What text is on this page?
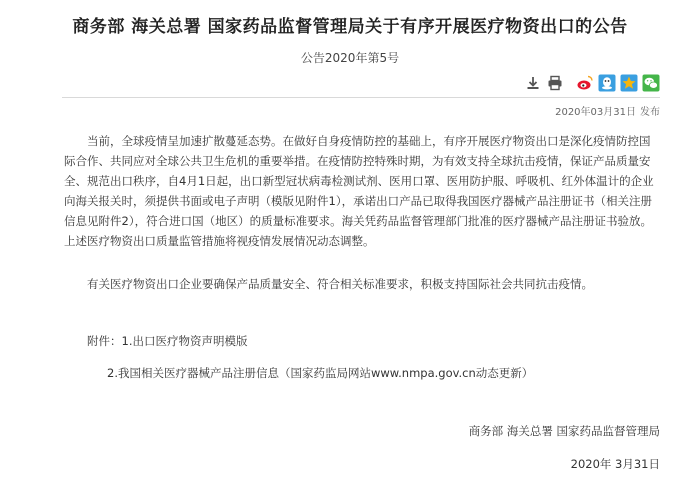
商务部 海关总署 国家药品监督管理局关于有序开展医疗物资出口的公告
公告2020年第5号
2020年03月31日 发布
当前，全球疫情呈加速扩散蔓延态势。在做好自身疫情防控的基础上，有序开展医疗物资出口是深化疫情防控国际合作、共同应对全球公共卫生危机的重要举措。在疫情防控特殊时期，为有效支持全球抗击疫情，保证产品质量安全、规范出口秩序，自4月1日起，出口新型冠状病毒检测试剂、医用口罩、医用防护服、呼吸机、红外体温计的企业向海关报关时，须提供书面或电子声明（模版见附件1），承诺出口产品已取得我国医疗器械产品注册证书（相关注册信息见附件2），符合进口国（地区）的质量标准要求。海关凭药品监督管理部门批准的医疗器械产品注册证书验放。上述医疗物资出口质量监管措施将视疫情发展情况动态调整。
有关医疗物资出口企业要确保产品质量安全、符合相关标准要求，积极支持国际社会共同抗击疫情。
附件：1.出口医疗物资声明模版
2.我国相关医疗器械产品注册信息（国家药监局网站www.nmpa.gov.cn动态更新）
商务部 海关总署 国家药品监督管理局
2020年 3月31日
